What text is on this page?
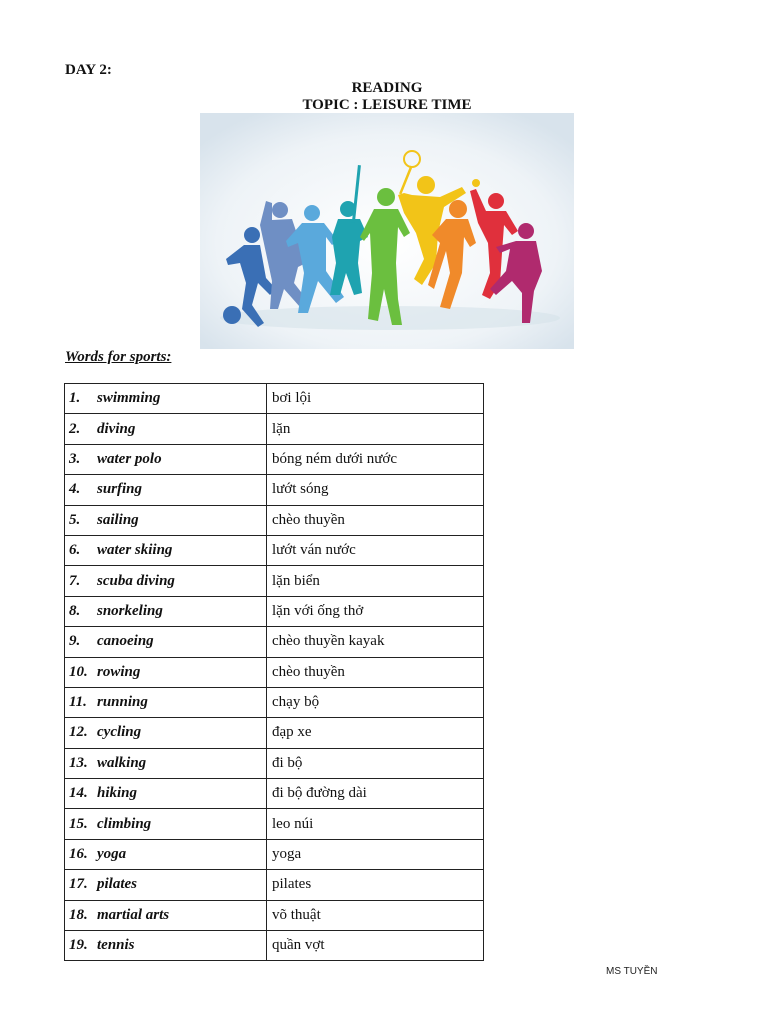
DAY 2:
READING
TOPIC : LEISURE TIME
Words for sports:
1. swimming	bơi lội
2. diving	lặn
3. water polo	bóng ném dưới nước
4. surfing	lướt sóng
5. sailing	chèo thuyền
6. water skiing	lướt ván nước
7. scuba diving	lặn biển
8. snorkeling	lặn với ống thở
9. canoeing	chèo thuyền kayak
10. rowing	chèo thuyền
11. running	chạy bộ
12. cycling	đạp xe
13. walking	đi bộ
14. hiking	đi bộ đường dài
15. climbing	leo núi
16. yoga	yoga
17. pilates	pilates
18. martial arts	võ thuật
19. tennis	quần vợt
MS TUYỀN
